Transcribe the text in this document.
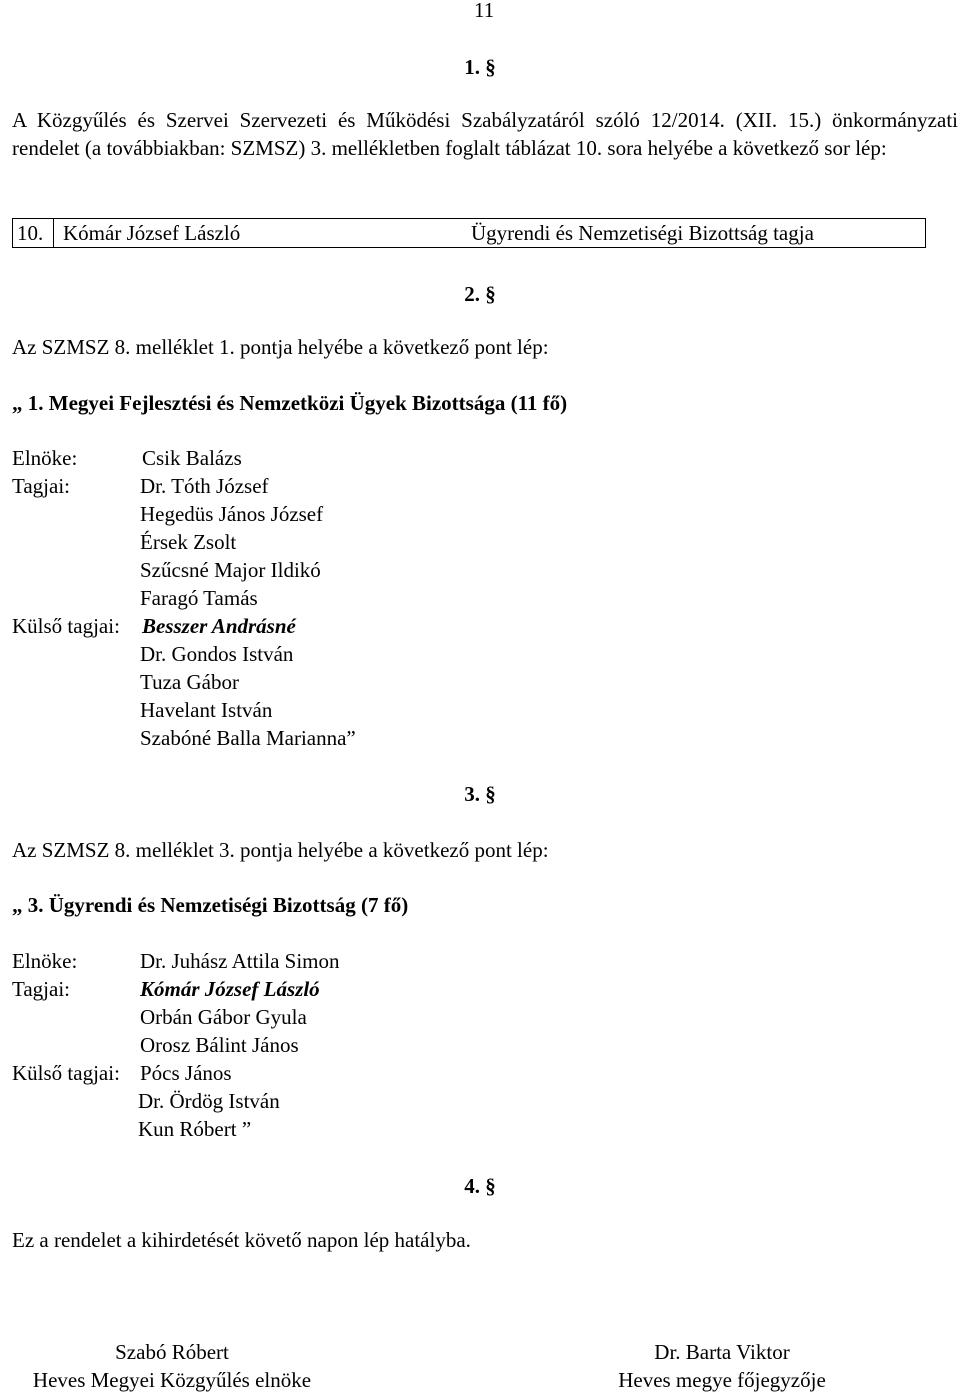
11
1. §
A Közgyűlés és Szervei Szervezeti és Működési Szabályzatáról szóló 12/2014. (XII. 15.) önkormányzati rendelet (a továbbiakban: SZMSZ) 3. mellékletben foglalt táblázat 10. sora helyébe a következő sor lép:
10. Kómár József László	Ügyrendi és Nemzetiségi Bizottság tagja
2. §
Az SZMSZ 8. melléklet 1. pontja helyébe a következő pont lép:
„ 1. Megyei Fejlesztési és Nemzetközi Ügyek Bizottsága (11 fő)
Elnöke:	Csik Balázs
Tagjai:	Dr. Tóth József
Hegedüs János József
Érsek Zsolt
Szűcsné Major Ildikó
Faragó Tamás
Külső tagjai: Besszer Andrásné
Dr. Gondos István
Tuza Gábor
Havelant István
Szabóné Balla Marianna”
3. §
Az SZMSZ 8. melléklet 3. pontja helyébe a következő pont lép:
„ 3. Ügyrendi és Nemzetiségi Bizottság (7 fő)
Elnöke:	Dr. Juhász Attila Simon
Tagjai:	Kómár József László
Orbán Gábor Gyula
Orosz Bálint János
Külső tagjai: Pócs János
Dr. Ördög István
Kun Róbert ”
4. §
Ez a rendelet a kihirdetését követő napon lép hatályba.
Szabó Róbert
Heves Megyei Közgyűlés elnöke
Dr. Barta Viktor
Heves megye főjegyzője
